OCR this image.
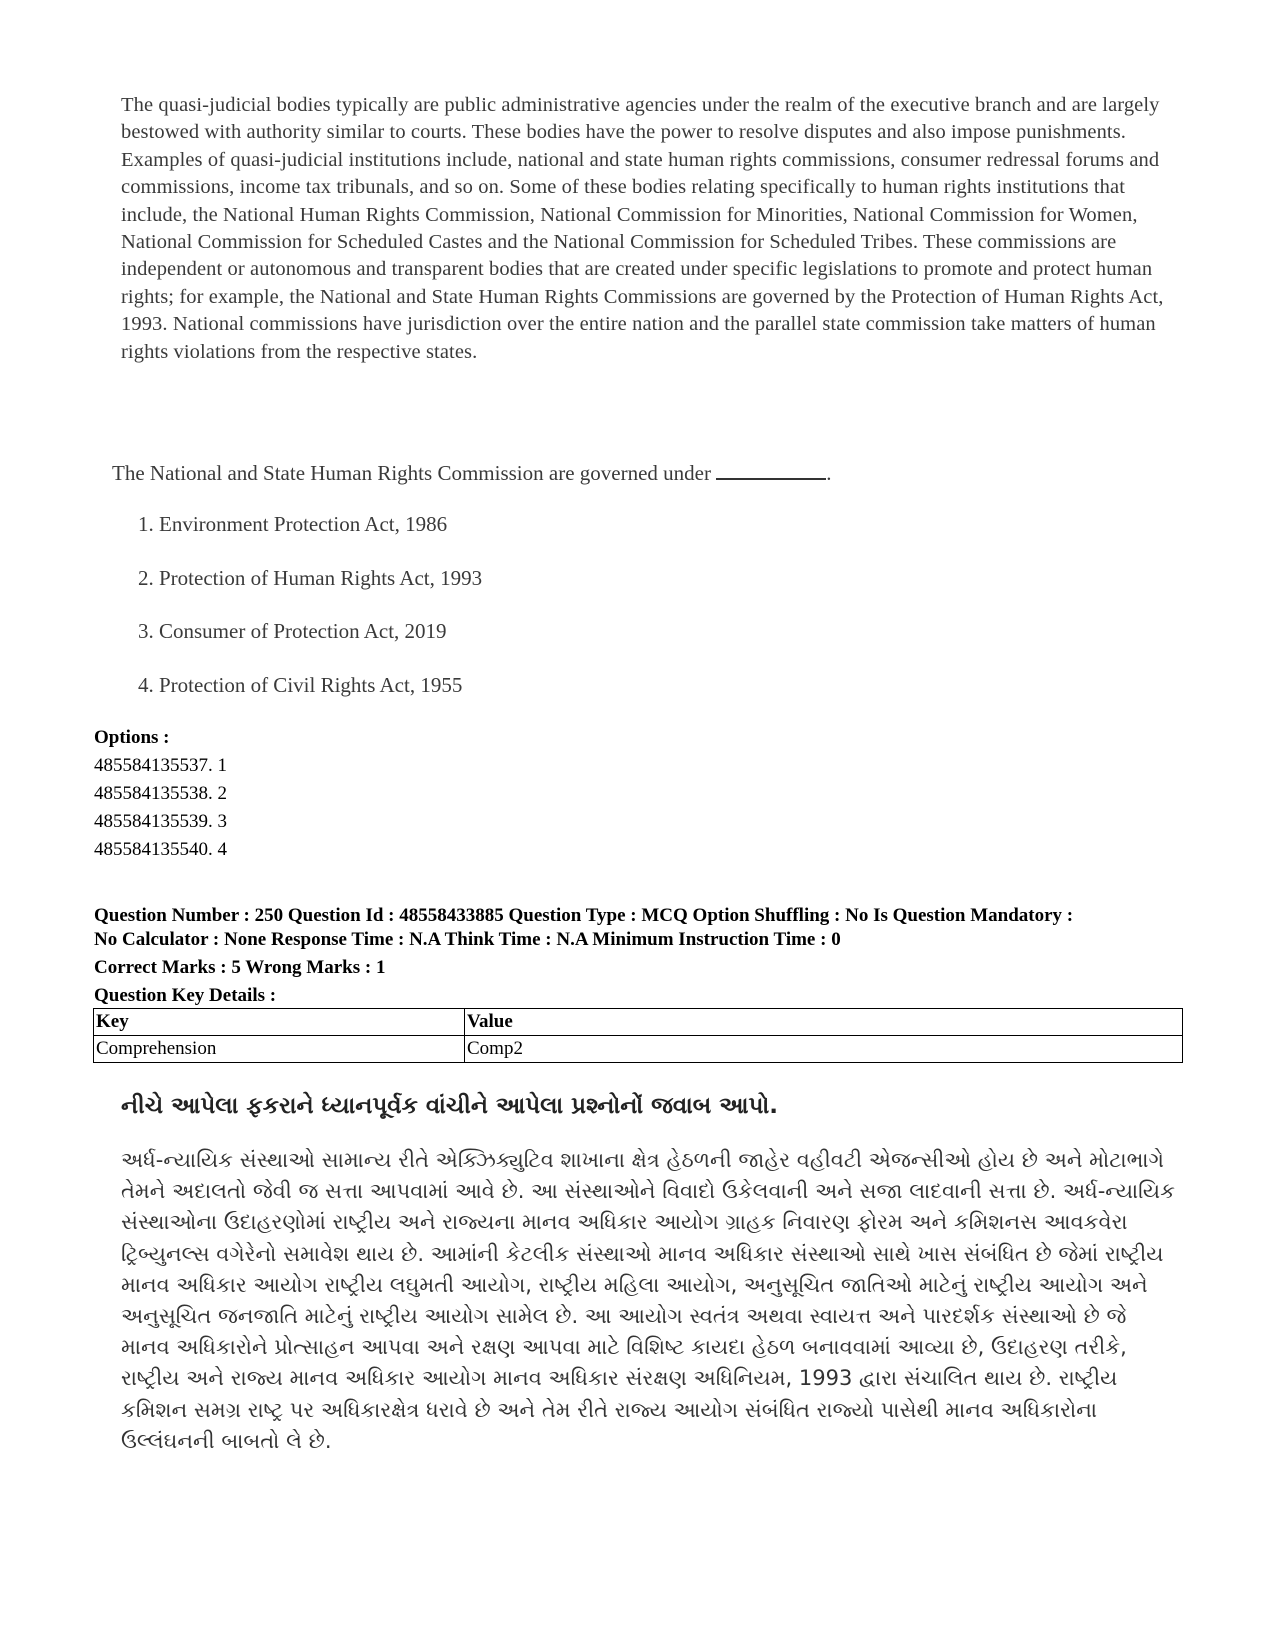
The quasi-judicial bodies typically are public administrative agencies under the realm of the executive branch and are largely bestowed with authority similar to courts. These bodies have the power to resolve disputes and also impose punishments. Examples of quasi-judicial institutions include, national and state human rights commissions, consumer redressal forums and commissions, income tax tribunals, and so on. Some of these bodies relating specifically to human rights institutions that include, the National Human Rights Commission, National Commission for Minorities, National Commission for Women, National Commission for Scheduled Castes and the National Commission for Scheduled Tribes. These commissions are independent or autonomous and transparent bodies that are created under specific legislations to promote and protect human rights; for example, the National and State Human Rights Commissions are governed by the Protection of Human Rights Act, 1993. National commissions have jurisdiction over the entire nation and the parallel state commission take matters of human rights violations from the respective states.

The National and State Human Rights Commission are governed under	.
1. Environment Protection Act, 1986
2. Protection of Human Rights Act, 1993
3. Consumer of Protection Act, 2019
4. Protection of Civil Rights Act, 1955
Options :
485584135537. 1
485584135538. 2
485584135539. 3
485584135540. 4
Question Number : 250 Question Id : 48558433885 Question Type : MCQ Option Shuffling : No Is Question Mandatory :
No Calculator : None Response Time : N.A Think Time : N.A Minimum Instruction Time : 0
Correct Marks : 5 Wrong Marks : 1
Question Key Details :
Key	Value
Comprehension	Comp2
નીચે આપેલા ફકરાને ધ્યાનપૂર્વક વાંચીને આપેલા પ્રશ્નોનોં જવાબ આપો.
અર્ધ-ન્યાયિક સંસ્થાઓ સામાન્ય રીતે એક્ઝિક્યુટિવ શાખાના ક્ષેત્ર હેઠળની જાહેર વહીવટી એજન્સીઓ હોય છે અને મોટાભાગે તેમને અદાલતો જેવી જ સત્તા આપવામાં આવે છે. આ સંસ્થાઓને વિવાદો ઉકેલવાની અને સજા લાદવાની સત્તા છે. અર્ધ-ન્યાયિક સંસ્થાઓના ઉદાહરણોમાં રાષ્ટ્રીય અને રાજ્યના માનવ અધિકાર આયોગ ગ્રાહક નિવારણ ફોરમ અને કમિશનસ આવકવેરા ટ્રિબ્યુનલ્સ વગેરેનો સમાવેશ થાય છે. આમાંની કેટલીક સંસ્થાઓ માનવ અધિકાર સંસ્થાઓ સાથે ખાસ સંબંધિત છે જેમાં રાષ્ટ્રીય માનવ અધિકાર આયોગ રાષ્ટ્રીય લઘુમતી આયોગ, રાષ્ટ્રીય મહિલા આયોગ, અનુસૂચિત જાતિઓ માટેનું રાષ્ટ્રીય આયોગ અને અનુસૂચિત જનજાતિ માટેનું રાષ્ટ્રીય આયોગ સામેલ છે. આ આયોગ સ્વતંત્ર અથવા સ્વાયત્ત અને પારદર્શક સંસ્થાઓ છે જે માનવ અધિકારોને પ્રોત્સાહન આપવા અને રક્ષણ આપવા માટે વિશિષ્ટ કાયદા હેઠળ બનાવવામાં આવ્યા છે, ઉદાહરણ તરીકે, રાષ્ટ્રીય અને રાજ્ય માનવ અધિકાર આયોગ માનવ અધિકાર સંરક્ષણ અધિનિયમ, 1993 દ્વારા સંચાલિત થાય છે. રાષ્ટ્રીય કમિશન સમગ્ર રાષ્ટ્ર પર અધિકારક્ષેત્ર ધરાવે છે અને તેમ રીતે રાજ્ય આયોગ સંબંધિત રાજ્યો પાસેથી માનવ અધિકારોના ઉલ્લંઘનની બાબતો લે છે.
